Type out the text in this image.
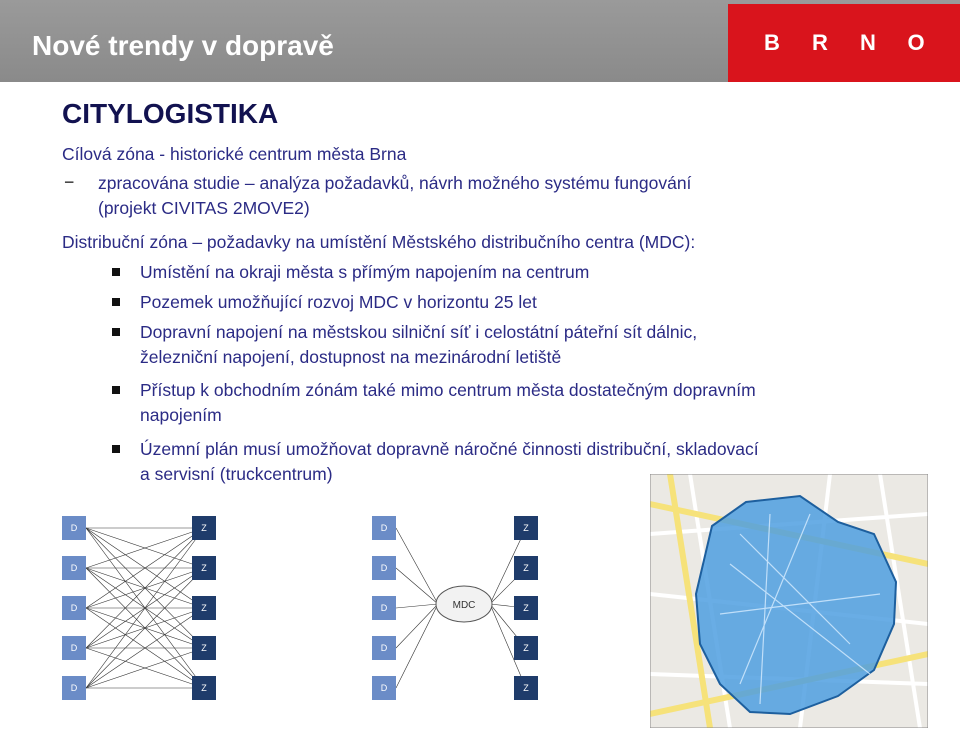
Nové trendy v dopravě	B R N O
CITYLOGISTIKA
Cílová zóna - historické centrum města Brna
− zpracována studie – analýza požadavků, návrh možného systému fungování
(projekt CIVITAS 2MOVE2)
Distribuční zóna – požadavky na umístění Městského distribučního centra (MDC):
Umístění na okraji města s přímým napojením na centrum
Pozemek umožňující rozvoj MDC v horizontu 25 let
Dopravní napojení na městskou silniční síť i celostátní páteřní sít dálnic,
železniční napojení, dostupnost na mezinárodní letiště
Přístup k obchodním zónám také mimo centrum města dostatečným dopravním
napojením
Územní plán musí umožňovat dopravně náročné činnosti distribuční, skladovací
a servisní (truckcentrum)
D	Z
D	Z
D	Z
D	Z
D	Z
MDC
D	Z
D	Z
D	Z
D	Z
D	Z
